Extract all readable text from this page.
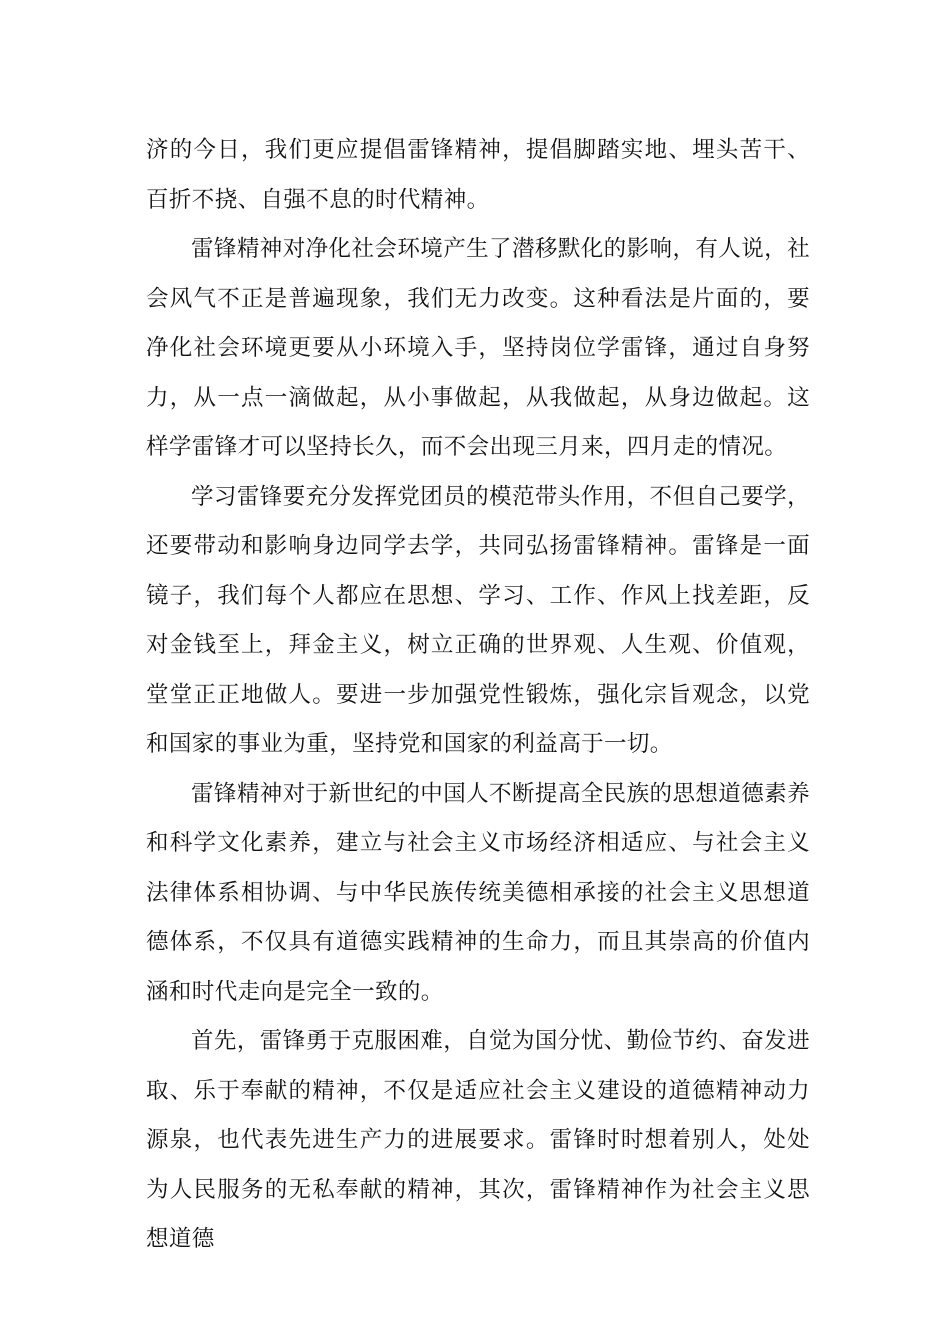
济的今日，我们更应提倡雷锋精神，提倡脚踏实地、埋头苦干、百折不挠、自强不息的时代精神。

雷锋精神对净化社会环境产生了潜移默化的影响，有人说，社会风气不正是普遍现象，我们无力改变。这种看法是片面的，要净化社会环境更要从小环境入手，坚持岗位学雷锋，通过自身努力，从一点一滴做起，从小事做起，从我做起，从身边做起。这样学雷锋才可以坚持长久，而不会出现三月来，四月走的情况。

学习雷锋要充分发挥党团员的模范带头作用，不但自己要学，还要带动和影响身边同学去学，共同弘扬雷锋精神。雷锋是一面镜子，我们每个人都应在思想、学习、工作、作风上找差距，反对金钱至上，拜金主义，树立正确的世界观、人生观、价值观，堂堂正正地做人。要进一步加强党性锻炼，强化宗旨观念，以党和国家的事业为重，坚持党和国家的利益高于一切。

雷锋精神对于新世纪的中国人不断提高全民族的思想道德素养和科学文化素养，建立与社会主义市场经济相适应、与社会主义法律体系相协调、与中华民族传统美德相承接的社会主义思想道德体系，不仅具有道德实践精神的生命力，而且其崇高的价值内涵和时代走向是完全一致的。

首先，雷锋勇于克服困难，自觉为国分忧、勤俭节约、奋发进取、乐于奉献的精神，不仅是适应社会主义建设的道德精神动力源泉，也代表先进生产力的进展要求。雷锋时时想着别人，处处为人民服务的无私奉献的精神，其次，雷锋精神作为社会主义思想道德
